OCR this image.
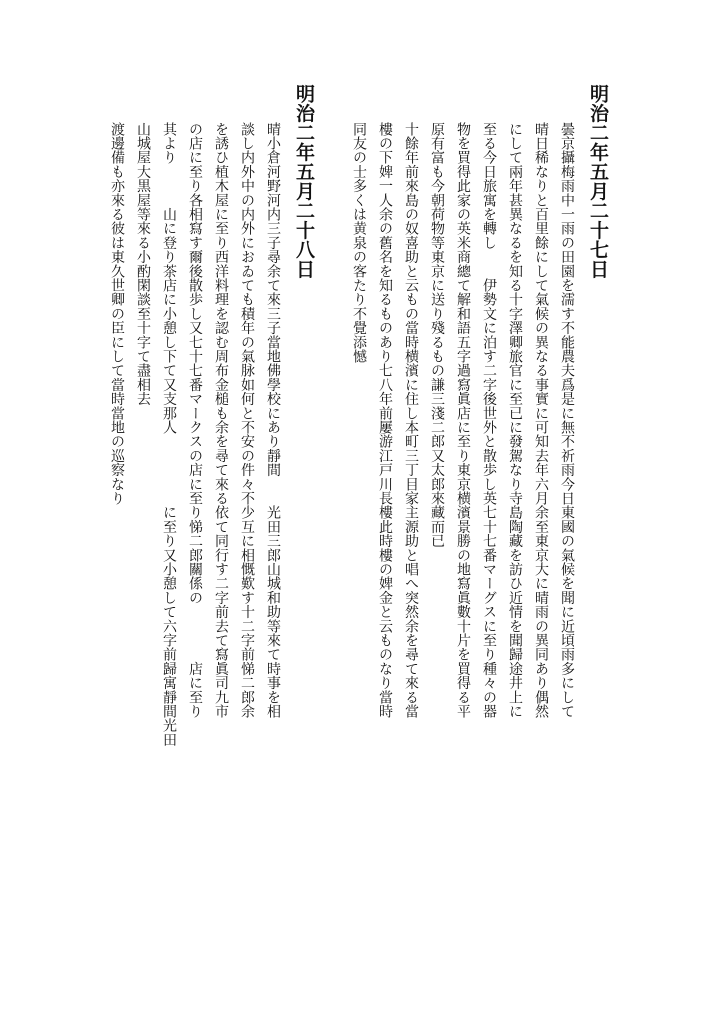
明治二年五月二十七日
曇京攝梅雨中一雨の田園を濡す不能農夫爲是に無不祈雨今日東國の氣候を聞に近頃雨多にして
晴日稀なりと百里餘にして氣候の異なる事實に可知去年六月余至東京大に晴雨の異同あり偶然
にして兩年甚異なるを知る十字澤卿旅官に至已に發駕なり寺島陶藏を訪ひ近情を聞歸途井上に
至る今日旅寓を轉し　　伊勢文に泊す二字後世外と散歩し英七十七番マーグスに至り種々の器
物を買得此家の英米商總て解和語五字過寫眞店に至り東京横濱景勝の地寫眞數十片を買得る平
原有富も今朝荷物等東京に送り殘るもの謙三淺二郎又太郎來藏而已
十餘年前來島の奴喜助と云もの當時横濱に住し本町三丁目家主源助と唱へ突然余を尋て來る當
樓の下婢一人余の舊名を知るものあり七八年前屢游江戸川長樓此時樓の婢金と云ものなり當時
同友の士多くは黄泉の客たり不覺添憾
明治二年五月二十八日
晴小倉河野河内三子尋余て來三子當地佛學校にあり靜間　　光田三郎山城和助等來て時事を相
談し内外中の内外におゐても積年の氣脉如何と不安の件々不少互に相慨歎す十二字前悌二郎余
を誘ひ植木屋に至り西洋料理を認む周布金槌も余を尋て來る依て同行す二字前去て寫眞司九市
の店に至り各相寫す爾後散歩し又七十七番マークスの店に至り悌二郎關係の　　　　店に至り
其より　　　山に登り茶店に小憩し下て又支那人　　　　　に至り又小憩して六字前歸寓靜間光田
山城屋大黒屋等來る小酌閑談至十字て盡相去
渡邊備も亦來る彼は東久世卿の臣にして當時當地の巡察なり
